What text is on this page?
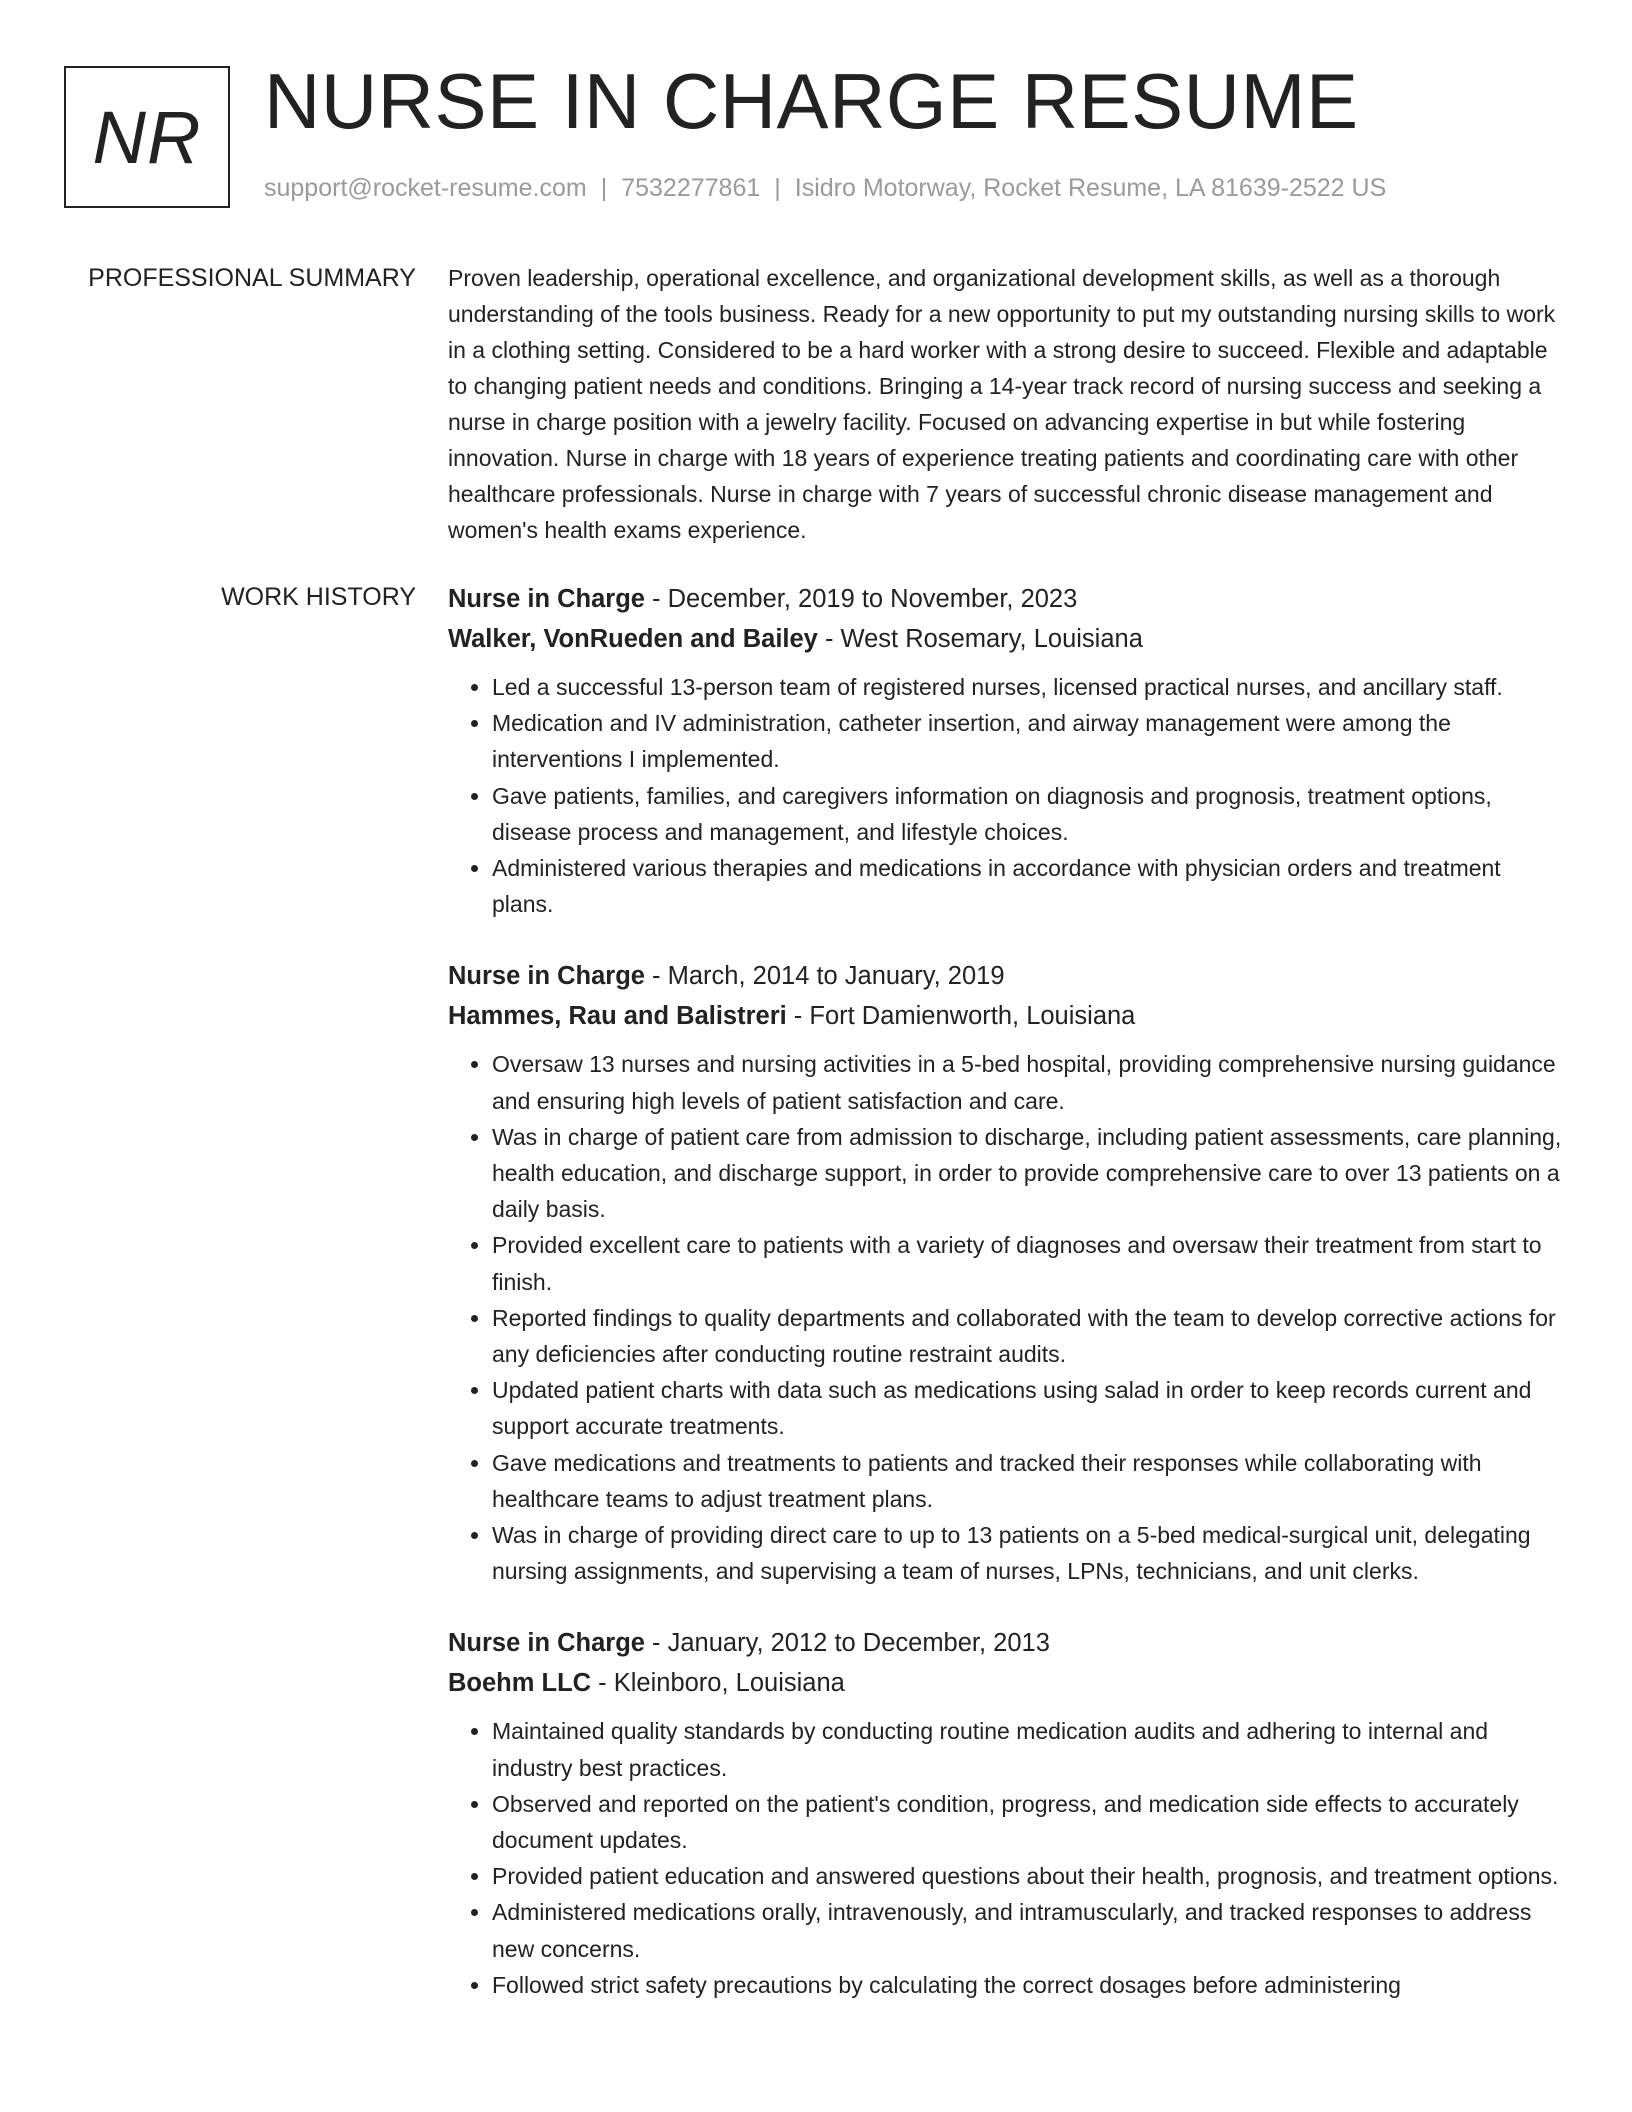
NR NURSE IN CHARGE RESUME
support@rocket-resume.com | 7532277861 | Isidro Motorway, Rocket Resume, LA 81639-2522 US
PROFESSIONAL SUMMARY Proven leadership, operational excellence, and organizational development skills, as well as a thorough understanding of the tools business. Ready for a new opportunity to put my outstanding nursing skills to work in a clothing setting. Considered to be a hard worker with a strong desire to succeed. Flexible and adaptable to changing patient needs and conditions. Bringing a 14-year track record of nursing success and seeking a nurse in charge position with a jewelry facility. Focused on advancing expertise in but while fostering innovation. Nurse in charge with 18 years of experience treating patients and coordinating care with other healthcare professionals. Nurse in charge with 7 years of successful chronic disease management and women's health exams experience.

WORK HISTORY Nurse in Charge - December, 2019 to November, 2023

Walker, VonRueden and Bailey - West Rosemary, Louisiana

• Led a successful 13-person team of registered nurses, licensed practical nurses, and ancillary staff.
• Medication and IV administration, catheter insertion, and airway management were among the interventions I implemented.
• Gave patients, families, and caregivers information on diagnosis and prognosis, treatment options, disease process and management, and lifestyle choices.
• Administered various therapies and medications in accordance with physician orders and treatment plans.

Nurse in Charge - March, 2014 to January, 2019

Hammes, Rau and Balistreri - Fort Damienworth, Louisiana

• Oversaw 13 nurses and nursing activities in a 5-bed hospital, providing comprehensive nursing guidance and ensuring high levels of patient satisfaction and care.
• Was in charge of patient care from admission to discharge, including patient assessments, care planning, health education, and discharge support, in order to provide comprehensive care to over 13 patients on a daily basis.
• Provided excellent care to patients with a variety of diagnoses and oversaw their treatment from start to finish.
• Reported findings to quality departments and collaborated with the team to develop corrective actions for any deficiencies after conducting routine restraint audits.
• Updated patient charts with data such as medications using salad in order to keep records current and support accurate treatments.
• Gave medications and treatments to patients and tracked their responses while collaborating with healthcare teams to adjust treatment plans.
• Was in charge of providing direct care to up to 13 patients on a 5-bed medical-surgical unit, delegating nursing assignments, and supervising a team of nurses, LPNs, technicians, and unit clerks.

Nurse in Charge - January, 2012 to December, 2013

Boehm LLC - Kleinboro, Louisiana

• Maintained quality standards by conducting routine medication audits and adhering to internal and industry best practices.
• Observed and reported on the patient's condition, progress, and medication side effects to accurately document updates.
• Provided patient education and answered questions about their health, prognosis, and treatment options.
• Administered medications orally, intravenously, and intramuscularly, and tracked responses to address new concerns.
• Followed strict safety precautions by calculating the correct dosages before administering
